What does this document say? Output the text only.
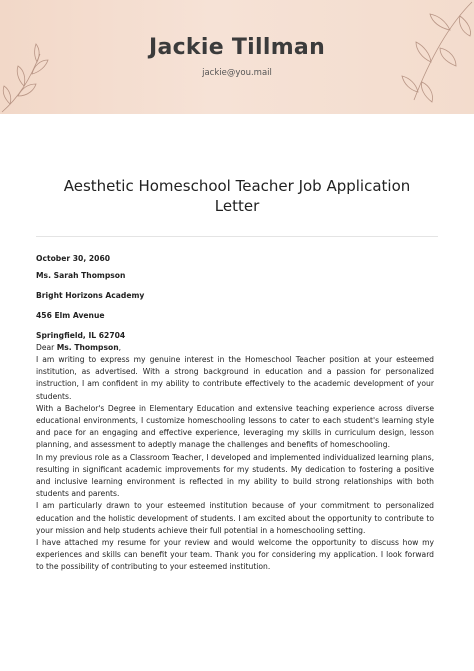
Jackie Tillman
jackie@you.mail
Aesthetic Homeschool Teacher Job Application Letter
October 30, 2060
Ms. Sarah Thompson
Bright Horizons Academy
456 Elm Avenue
Springfield, IL 62704
Dear Ms. Thompson,

I am writing to express my genuine interest in the Homeschool Teacher position at your esteemed institution, as advertised. With a strong background in education and a passion for personalized instruction, I am confident in my ability to contribute effectively to the academic development of your students.

With a Bachelor's Degree in Elementary Education and extensive teaching experience across diverse educational environments, I customize homeschooling lessons to cater to each student's learning style and pace for an engaging and effective experience, leveraging my skills in curriculum design, lesson planning, and assessment to adeptly manage the challenges and benefits of homeschooling.

In my previous role as a Classroom Teacher, I developed and implemented individualized learning plans, resulting in significant academic improvements for my students. My dedication to fostering a positive and inclusive learning environment is reflected in my ability to build strong relationships with both students and parents.

I am particularly drawn to your esteemed institution because of your commitment to personalized education and the holistic development of students. I am excited about the opportunity to contribute to your mission and help students achieve their full potential in a homeschooling setting.

I have attached my resume for your review and would welcome the opportunity to discuss how my experiences and skills can benefit your team. Thank you for considering my application. I look forward to the possibility of contributing to your esteemed institution.
